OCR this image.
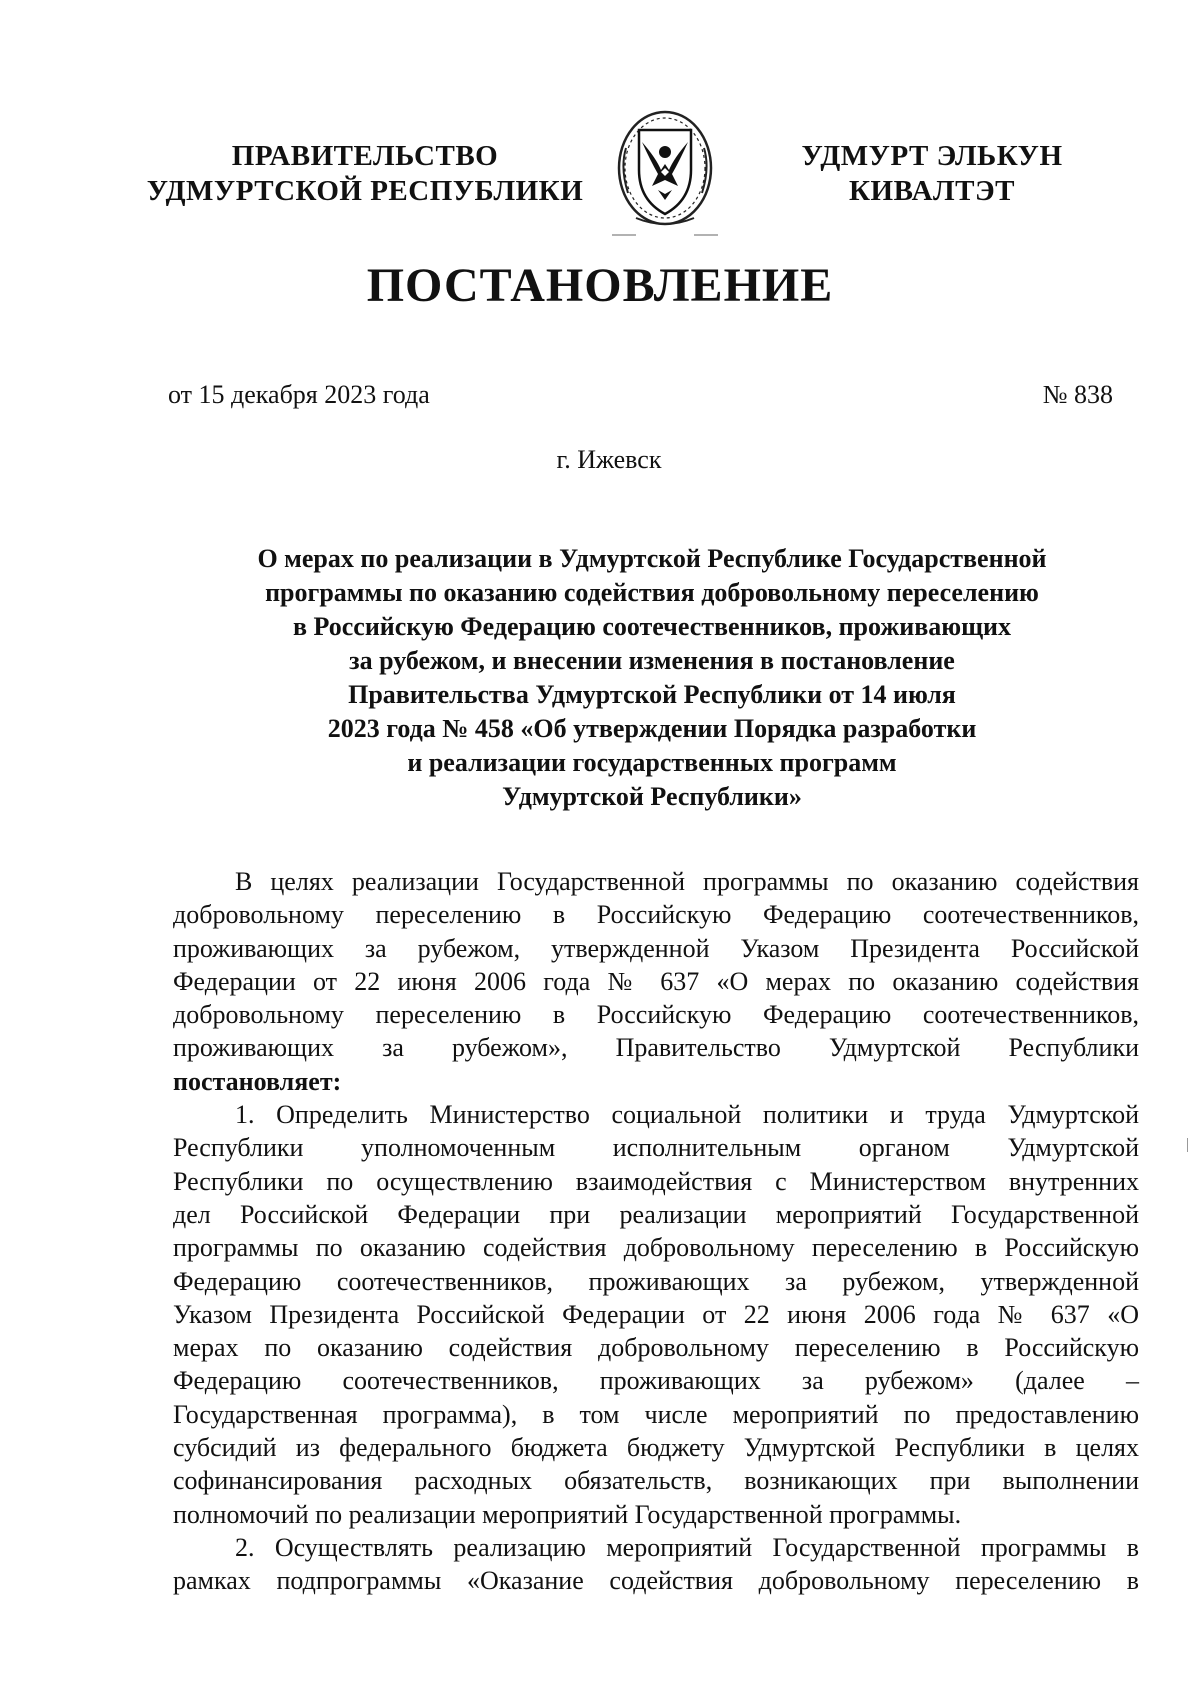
ПРАВИТЕЛЬСТВО
УДМУРТСКОЙ РЕСПУБЛИКИ
УДМУРТ ЭЛЬКУН
КИВАЛТЭТ
ПОСТАНОВЛЕНИЕ
от 15 декабря 2023 года	№ 838
г. Ижевск
О мерах по реализации в Удмуртской Республике Государственной
программы по оказанию содействия добровольному переселению
в Российскую Федерацию соотечественников, проживающих
за рубежом, и внесении изменения в постановление
Правительства Удмуртской Республики от 14 июля
2023 года № 458 «Об утверждении Порядка разработки
и реализации государственных программ
Удмуртской Республики»
В целях реализации Государственной программы по оказанию содействия
добровольному переселению в Российскую Федерацию соотечественников,
проживающих за рубежом, утвержденной Указом Президента Российской
Федерации от 22 июня 2006 года № 637 «О мерах по оказанию содействия
добровольному переселению в Российскую Федерацию соотечественников,
проживающих за рубежом», Правительство Удмуртской Республики
постановляет:
1. Определить Министерство социальной политики и труда Удмуртской
Республики уполномоченным исполнительным органом Удмуртской
Республики по осуществлению взаимодействия с Министерством внутренних
дел Российской Федерации при реализации мероприятий Государственной
программы по оказанию содействия добровольному переселению в Российскую
Федерацию соотечественников, проживающих за рубежом, утвержденной
Указом Президента Российской Федерации от 22 июня 2006 года № 637 «О
мерах по оказанию содействия добровольному переселению в Российскую
Федерацию соотечественников, проживающих за рубежом» (далее –
Государственная программа), в том числе мероприятий по предоставлению
субсидий из федерального бюджета бюджету Удмуртской Республики в целях
софинансирования расходных обязательств, возникающих при выполнении
полномочий по реализации мероприятий Государственной программы.
2. Осуществлять реализацию мероприятий Государственной программы в
рамках подпрограммы «Оказание содействия добровольному переселению в
